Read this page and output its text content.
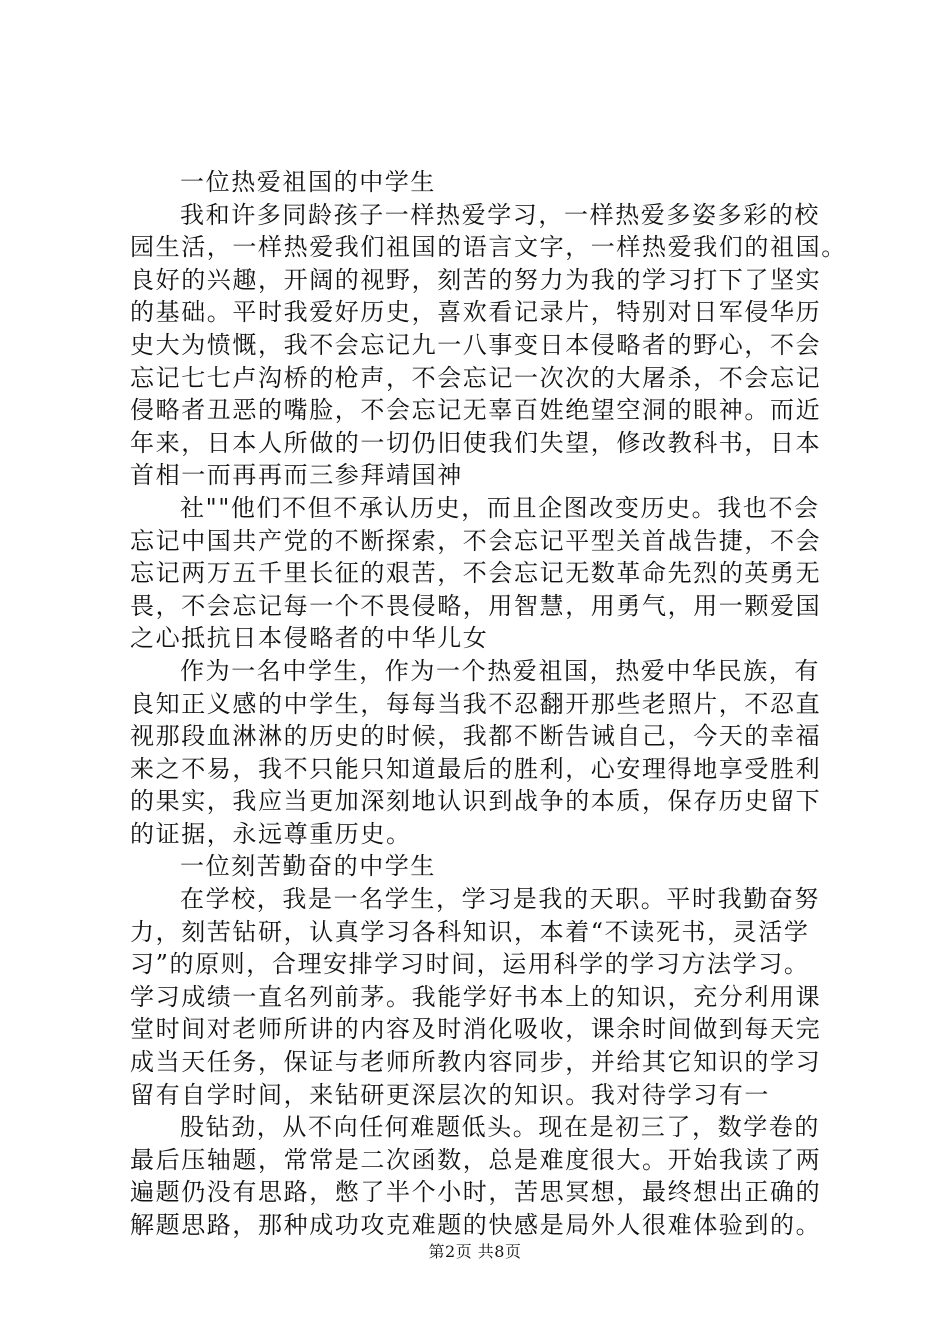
一位热爱祖国的中学生
我和许多同龄孩子一样热爱学习，一样热爱多姿多彩的校
园生活，一样热爱我们祖国的语言文字，一样热爱我们的祖国。
良好的兴趣，开阔的视野，刻苦的努力为我的学习打下了坚实
的基础。平时我爱好历史，喜欢看记录片，特别对日军侵华历
史大为愤慨，我不会忘记九一八事变日本侵略者的野心，不会
忘记七七卢沟桥的枪声，不会忘记一次次的大屠杀，不会忘记
侵略者丑恶的嘴脸，不会忘记无辜百姓绝望空洞的眼神。而近
年来，日本人所做的一切仍旧使我们失望，修改教科书，日本
首相一而再再而三参拜靖国神
社""他们不但不承认历史，而且企图改变历史。我也不会
忘记中国共产党的不断探索，不会忘记平型关首战告捷，不会
忘记两万五千里长征的艰苦，不会忘记无数革命先烈的英勇无
畏，不会忘记每一个不畏侵略，用智慧，用勇气，用一颗爱国
之心抵抗日本侵略者的中华儿女
作为一名中学生，作为一个热爱祖国，热爱中华民族，有
良知正义感的中学生，每每当我不忍翻开那些老照片，不忍直
视那段血淋淋的历史的时候，我都不断告诫自己，今天的幸福
来之不易，我不只能只知道最后的胜利，心安理得地享受胜利
的果实，我应当更加深刻地认识到战争的本质，保存历史留下
的证据，永远尊重历史。
一位刻苦勤奋的中学生
在学校，我是一名学生，学习是我的天职。平时我勤奋努
力，刻苦钻研，认真学习各科知识，本着“不读死书，灵活学
习”的原则，合理安排学习时间，运用科学的学习方法学习。
学习成绩一直名列前茅。我能学好书本上的知识，充分利用课
堂时间对老师所讲的内容及时消化吸收，课余时间做到每天完
成当天任务，保证与老师所教内容同步，并给其它知识的学习
留有自学时间，来钻研更深层次的知识。我对待学习有一
股钻劲，从不向任何难题低头。现在是初三了，数学卷的
最后压轴题，常常是二次函数，总是难度很大。开始我读了两
遍题仍没有思路，憋了半个小时，苦思冥想，最终想出正确的
解题思路，那种成功攻克难题的快感是局外人很难体验到的。
第2页 共8页
